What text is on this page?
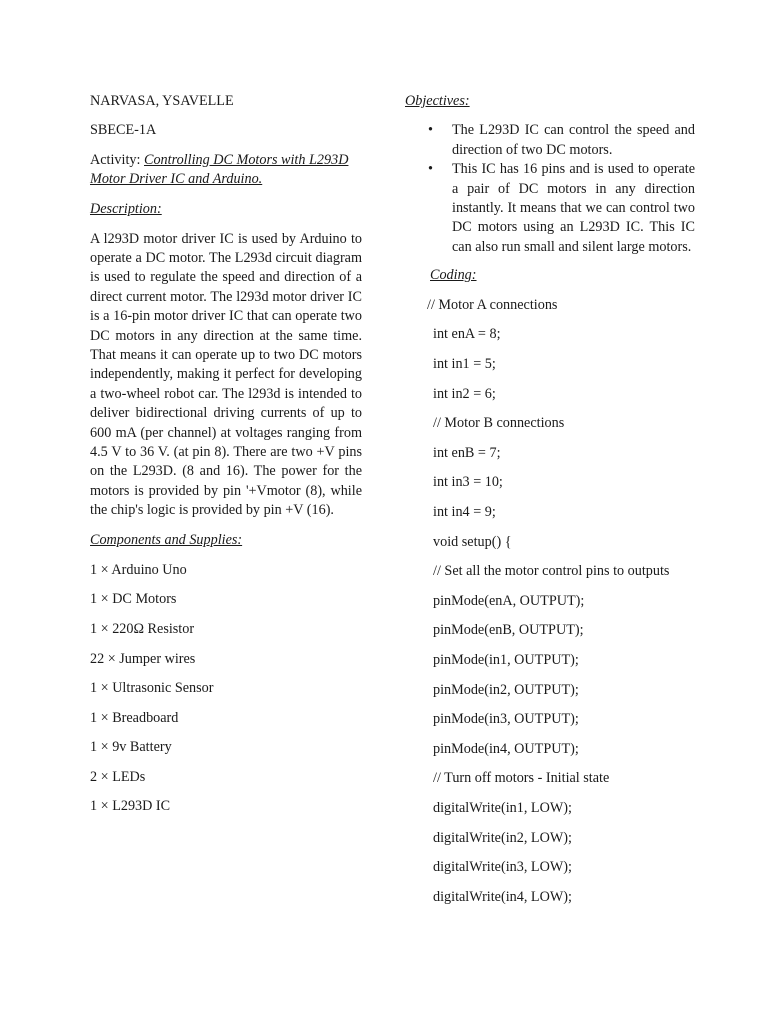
NARVASA, YSAVELLE

SBECE-1A

Activity: Controlling DC Motors with L293D Motor Driver IC and Arduino.

Description:

A l293D motor driver IC is used by Arduino to operate a DC motor. The L293d circuit diagram is used to regulate the speed and direction of a direct current motor. The l293d motor driver IC is a 16-pin motor driver IC that can operate two DC motors in any direction at the same time. That means it can operate up to two DC motors independently, making it perfect for developing a two-wheel robot car. The l293d is intended to deliver bidirectional driving currents of up to 600 mA (per channel) at voltages ranging from 4.5 V to 36 V. (at pin 8). There are two +V pins on the L293D. (8 and 16). The power for the motors is provided by pin '+Vmotor (8), while the chip's logic is provided by pin +V (16).

Components and Supplies:

1 × Arduino Uno

1 × DC Motors

1 × 220Ω Resistor

22 × Jumper wires

1 × Ultrasonic Sensor

1 × Breadboard

1 × 9v Battery

2 × LEDs

1 × L293D IC

Objectives:

• The L293D IC can control the speed and direction of two DC motors.
• This IC has 16 pins and is used to operate a pair of DC motors in any direction instantly. It means that we can control two DC motors using an L293D IC. This IC can also run small and silent large motors.

Coding:

// Motor A connections

int enA = 8;

int in1 = 5;

int in2 = 6;

// Motor B connections

int enB = 7;

int in3 = 10;

int in4 = 9;

void setup() {

// Set all the motor control pins to outputs

pinMode(enA, OUTPUT);

pinMode(enB, OUTPUT);

pinMode(in1, OUTPUT);

pinMode(in2, OUTPUT);

pinMode(in3, OUTPUT);

pinMode(in4, OUTPUT);

// Turn off motors - Initial state

digitalWrite(in1, LOW);

digitalWrite(in2, LOW);

digitalWrite(in3, LOW);

digitalWrite(in4, LOW);
